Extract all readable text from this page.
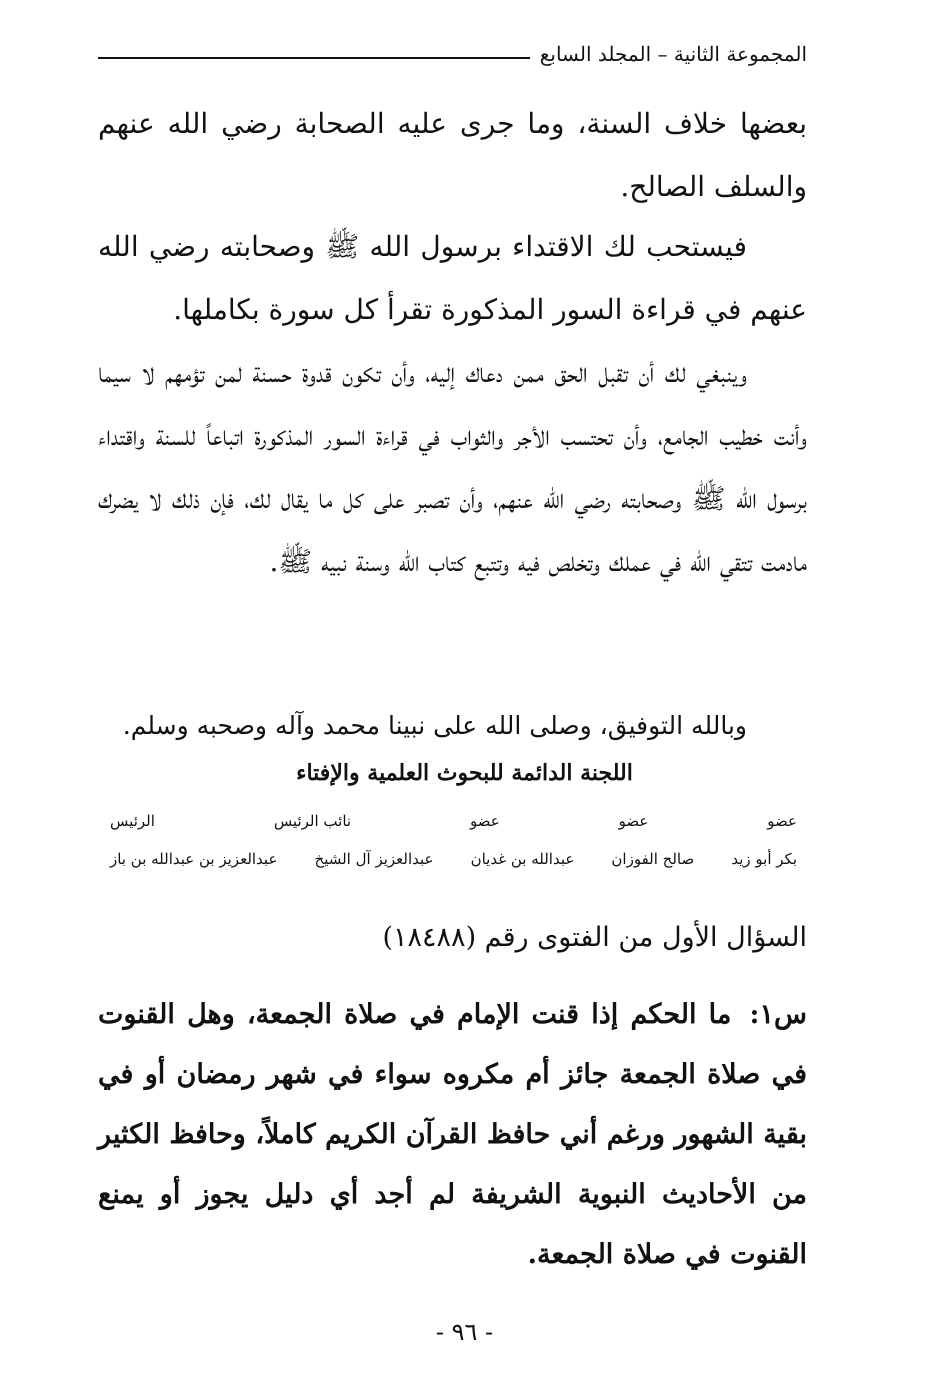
المجموعة الثانية – المجلد السابع

بعضها خلاف السنة، وما جرى عليه الصحابة رضي الله عنهم والسلف الصالح.

فيستحب لك الاقتداء برسول الله ﷺ وصحابته رضي الله عنهم في قراءة السور المذكورة تقرأ كل سورة بكاملها.

وينبغي لك أن تقبل الحق ممن دعاك إليه، وأن تكون قدوة حسنة لمن تؤمهم لا سيما وأنت خطيب الجامع، وأن تحتسب الأجر والثواب في قراءة السور المذكورة اتباعاً للسنة واقتداء برسول الله ﷺ وصحابته رضي الله عنهم، وأن تصبر على كل ما يقال لك، فإن ذلك لا يضرك مادمت تتقي الله في عملك وتخلص فيه وتتبع كتاب الله وسنة نبيه ﷺ.

وبالله التوفيق، وصلى الله على نبينا محمد وآله وصحبه وسلم.

اللجنة الدائمة للبحوث العلمية والإفتاء
عضو
عضو
عضو
نائب الرئيس
الرئيس
بكر أبو زيد
صالح الفوزان
عبدالله بن غديان
عبدالعزيز آل الشيخ
عبدالعزيز بن عبدالله بن باز
السؤال الأول من الفتوى رقم (١٨٤٨٨)
س١: ما الحكم إذا قنت الإمام في صلاة الجمعة، وهل القنوت في صلاة الجمعة جائز أم مكروه سواء في شهر رمضان أو في بقية الشهور ورغم أني حافظ القرآن الكريم كاملاً، وحافظ الكثير من الأحاديث النبوية الشريفة لم أجد أي دليل يجوز أو يمنع القنوت في صلاة الجمعة.
- ٩٦ -
